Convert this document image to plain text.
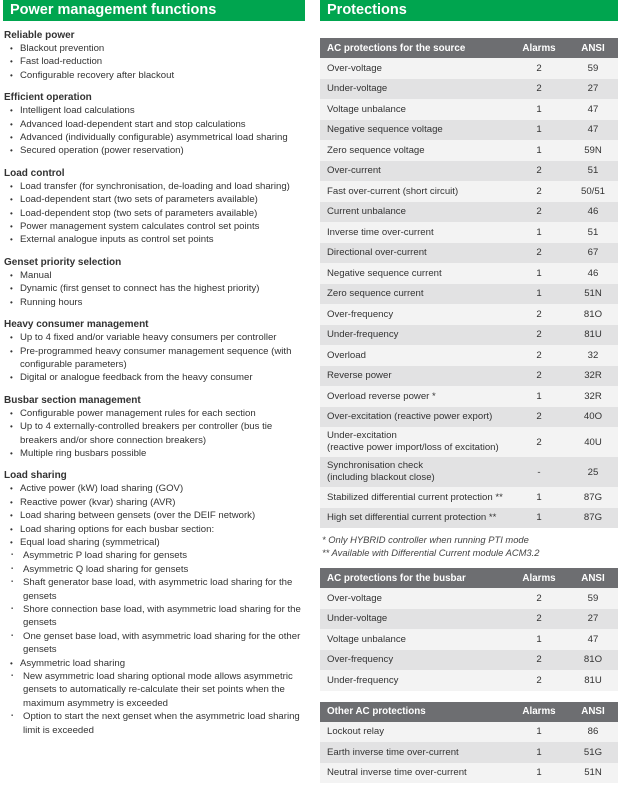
Power management functions
Reliable power
• Blackout prevention
• Fast load-reduction
• Configurable recovery after blackout
Efficient operation
• Intelligent load calculations
• Advanced load-dependent start and stop calculations
• Advanced (individually configurable) asymmetrical load sharing
• Secured operation (power reservation)
Load control
• Load transfer (for synchronisation, de-loading and load sharing)
• Load-dependent start (two sets of parameters available)
• Load-dependent stop (two sets of parameters available)
• Power management system calculates control set points
• External analogue inputs as control set points
Genset priority selection
• Manual
• Dynamic (first genset to connect has the highest priority)
• Running hours
Heavy consumer management
• Up to 4 fixed and/or variable heavy consumers per controller
• Pre-programmed heavy consumer management sequence (with configurable parameters)
• Digital or analogue feedback from the heavy consumer
Busbar section management
• Configurable power management rules for each section
• Up to 4 externally-controlled breakers per controller (bus tie breakers and/or shore connection breakers)
• Multiple ring busbars possible
Load sharing
• Active power (kW) load sharing (GOV)
• Reactive power (kvar) sharing (AVR)
• Load sharing between gensets (over the DEIF network)
• Load sharing options for each busbar section:
• Equal load sharing (symmetrical)
▪ Asymmetric P load sharing for gensets
▪ Asymmetric Q load sharing for gensets
▪ Shaft generator base load, with asymmetric load sharing for the gensets
▪ Shore connection base load, with asymmetric load sharing for the gensets
▪ One genset base load, with asymmetric load sharing for the other gensets
• Asymmetric load sharing
▪ New asymmetric load sharing optional mode allows asymmetric gensets to automatically re-calculate their set points when the maximum asymmetry is exceeded
▪ Option to start the next genset when the asymmetric load sharing limit is exceeded
Protections
AC protections for the source	Alarms	ANSI
Over-voltage	2	59
Under-voltage	2	27
Voltage unbalance	1	47
Negative sequence voltage	1	47
Zero sequence voltage	1	59N
Over-current	2	51
Fast over-current (short circuit)	2	50/51
Current unbalance	2	46
Inverse time over-current	1	51
Directional over-current	2	67
Negative sequence current	1	46
Zero sequence current	1	51N
Over-frequency	2	81O
Under-frequency	2	81U
Overload	2	32
Reverse power	2	32R
Overload reverse power *	1	32R
Over-excitation (reactive power export)	2	40O

Under-excitation
(reactive power import/loss of excitation)	2	40U

Synchronisation check
(including blackout close)	-	25
Stabilized differential current protection **	1	87G
High set differential current protection **	1	87G
* Only HYBRID controller when running PTI mode
** Available with Differential Current module ACM3.2
AC protections for the busbar	Alarms	ANSI
Over-voltage	2	59
Under-voltage	2	27
Voltage unbalance	1	47
Over-frequency	2	81O
Under-frequency	2	81U
Other AC protections	Alarms	ANSI
Lockout relay	1	86
Earth inverse time over-current	1	51G
Neutral inverse time over-current	1	51N
